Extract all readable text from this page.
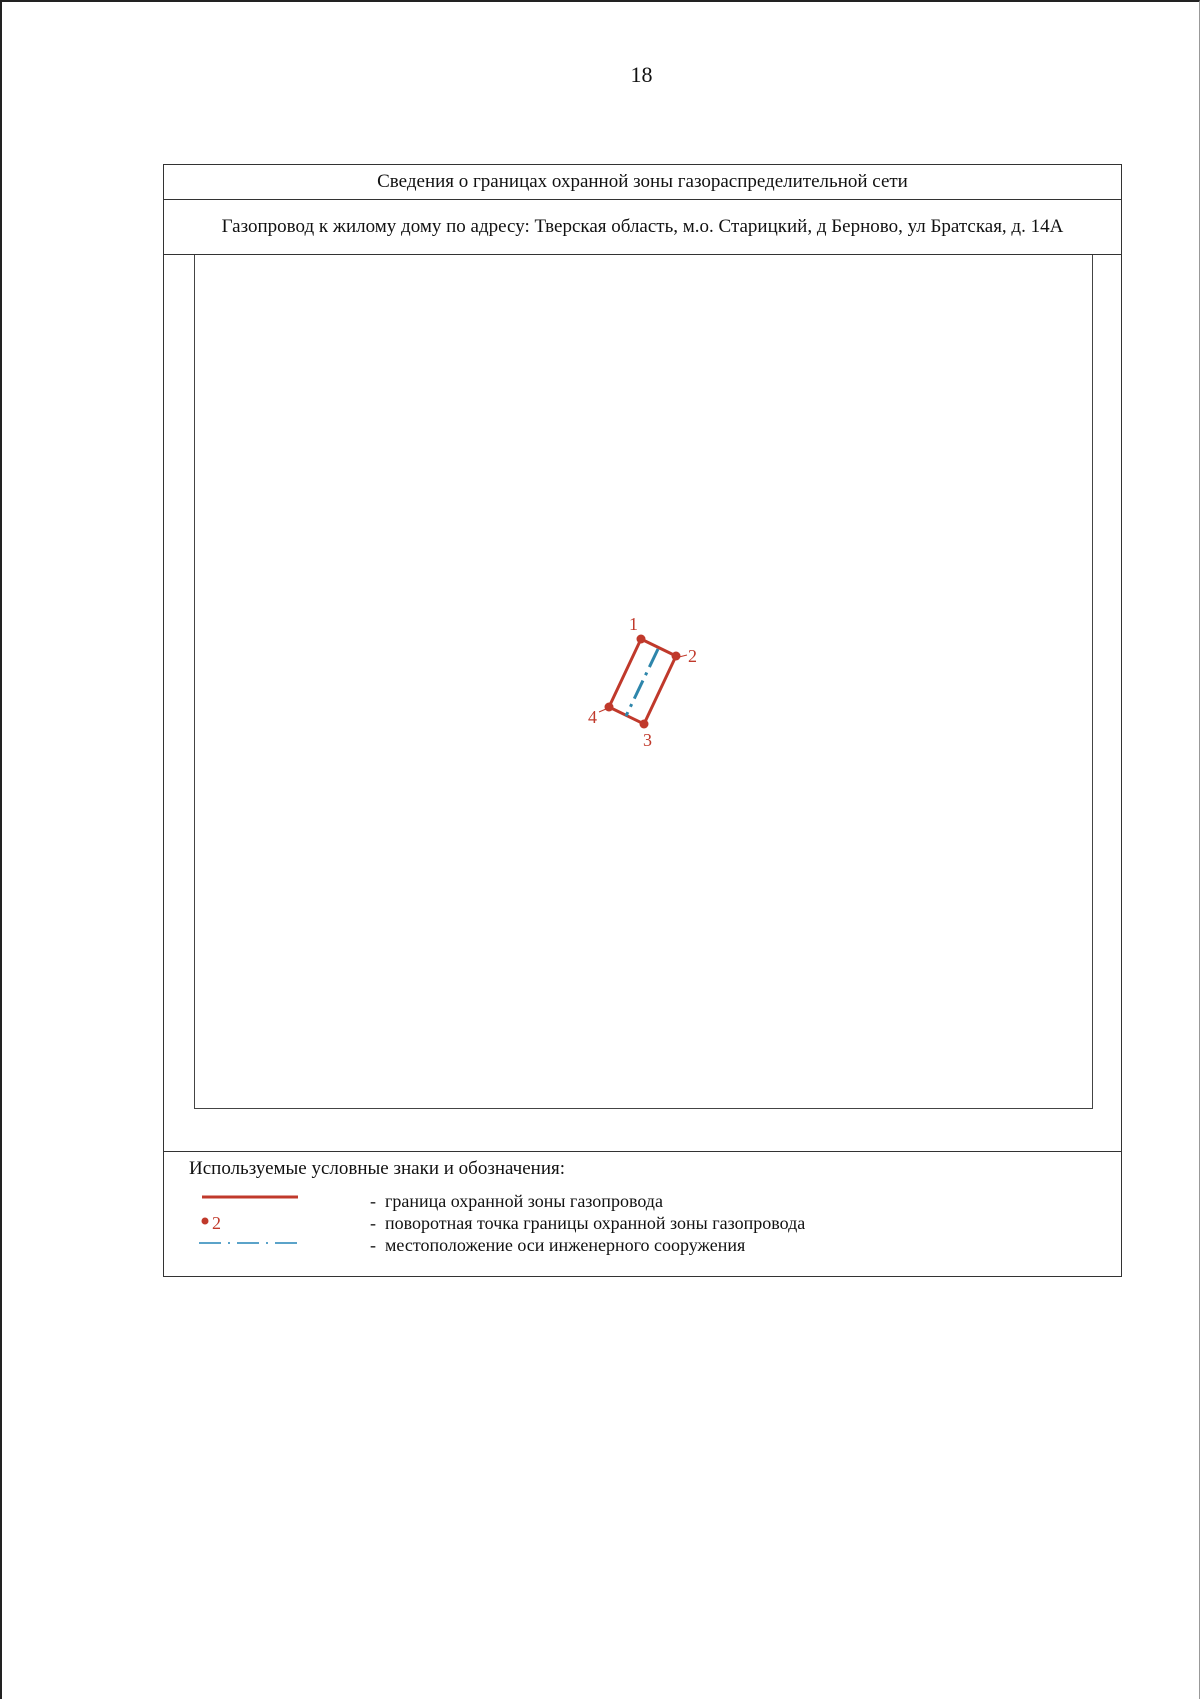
18
Сведения о границах охранной зоны газораспределительной сети
Газопровод к жилому дому по адресу: Тверская область, м.о. Старицкий, д Берново, ул Братская, д. 14А
1
2
3
4
Используемые условные знаки и обозначения:
- граница охранной зоны газопровода
2	- поворотная точка границы охранной зоны газопровода
- местоположение оси инженерного сооружения
